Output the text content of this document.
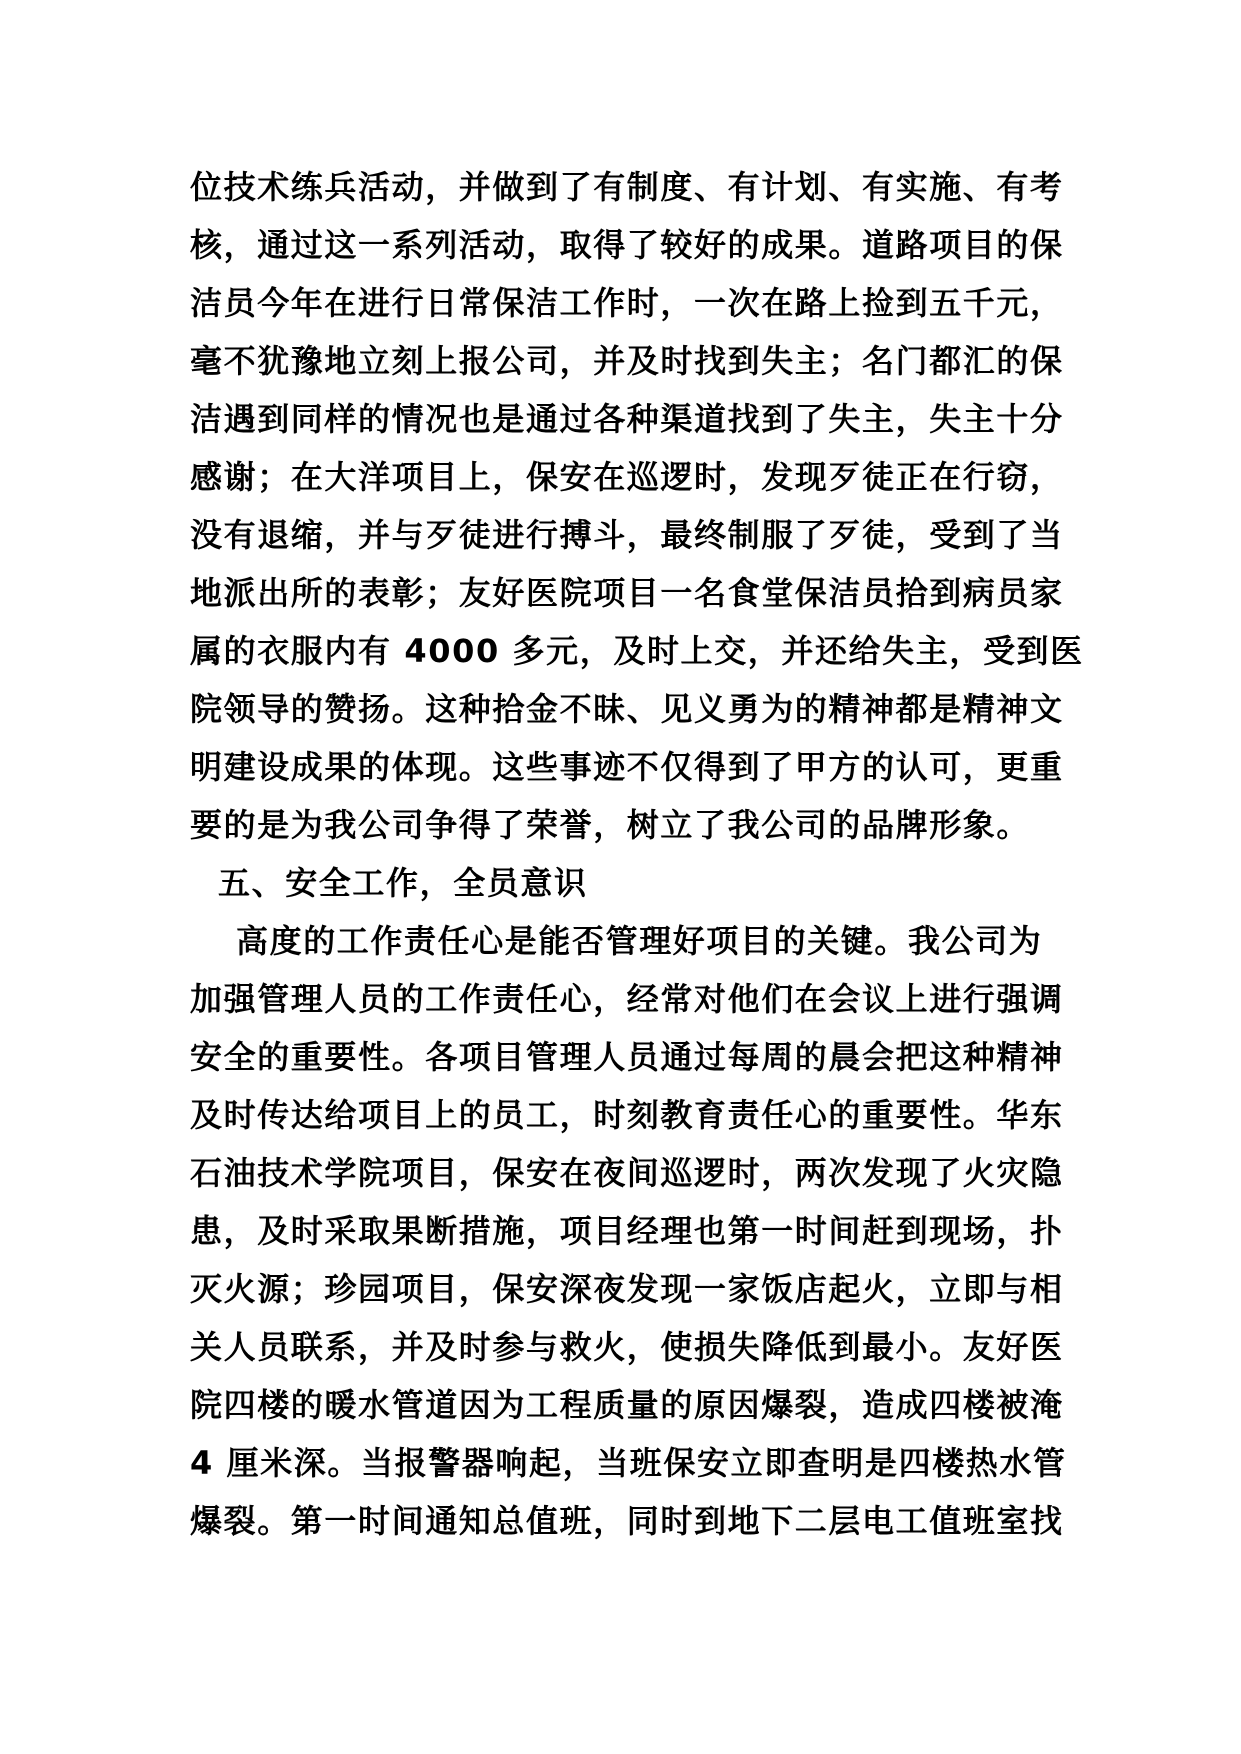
位技术练兵活动，并做到了有制度、有计划、有实施、有考
核，通过这一系列活动，取得了较好的成果。道路项目的保
洁员今年在进行日常保洁工作时，一次在路上捡到五千元，
毫不犹豫地立刻上报公司，并及时找到失主；名门都汇的保
洁遇到同样的情况也是通过各种渠道找到了失主，失主十分
感谢；在大洋项目上，保安在巡逻时，发现歹徒正在行窃，
没有退缩，并与歹徒进行搏斗，最终制服了歹徒，受到了当
地派出所的表彰；友好医院项目一名食堂保洁员拾到病员家
属的衣服内有 4000 多元，及时上交，并还给失主，受到医
院领导的赞扬。这种拾金不昧、见义勇为的精神都是精神文
明建设成果的体现。这些事迹不仅得到了甲方的认可，更重
要的是为我公司争得了荣誉，树立了我公司的品牌形象。
五、安全工作，全员意识
高度的工作责任心是能否管理好项目的关键。我公司为
加强管理人员的工作责任心，经常对他们在会议上进行强调
安全的重要性。各项目管理人员通过每周的晨会把这种精神
及时传达给项目上的员工，时刻教育责任心的重要性。华东
石油技术学院项目，保安在夜间巡逻时，两次发现了火灾隐
患，及时采取果断措施，项目经理也第一时间赶到现场，扑
灭火源；珍园项目，保安深夜发现一家饭店起火，立即与相
关人员联系，并及时参与救火，使损失降低到最小。友好医
院四楼的暖水管道因为工程质量的原因爆裂，造成四楼被淹
4 厘米深。当报警器响起，当班保安立即查明是四楼热水管
爆裂。第一时间通知总值班，同时到地下二层电工值班室找
